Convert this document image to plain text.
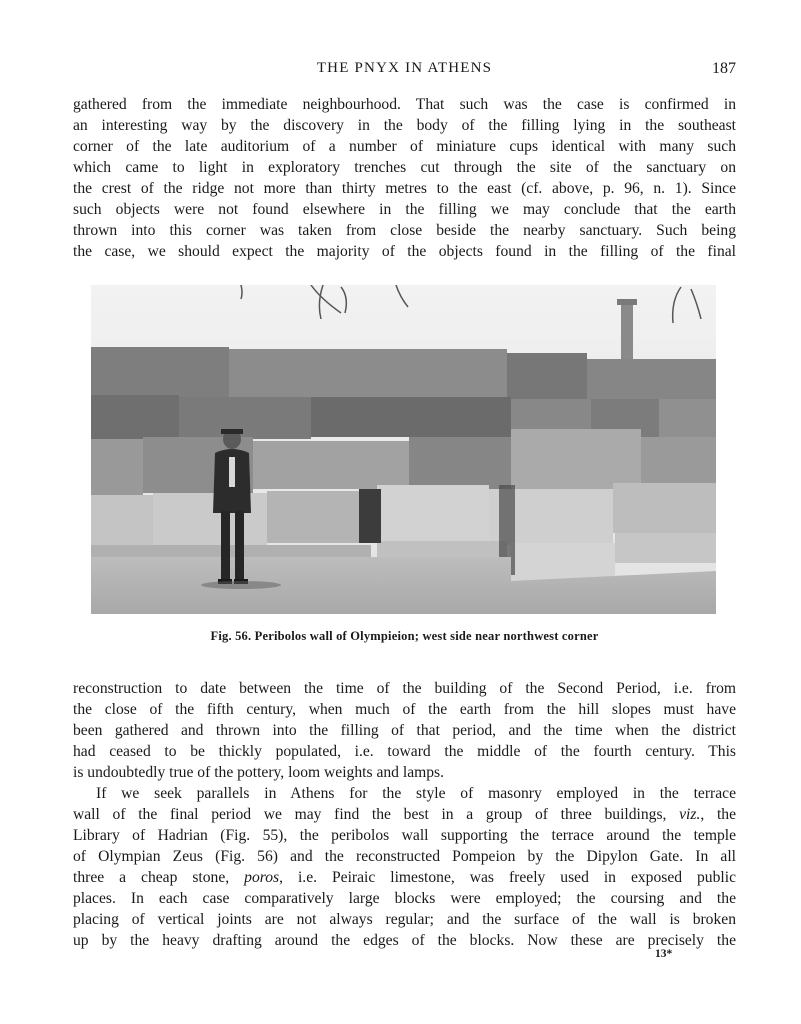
THE PNYX IN ATHENS	187
gathered from the immediate neighbourhood. That such was the case is confirmed in
an interesting way by the discovery in the body of the filling lying in the southeast
corner of the late auditorium of a number of miniature cups identical with many such
which came to light in exploratory trenches cut through the site of the sanctuary on
the crest of the ridge not more than thirty metres to the east (cf. above, p. 96, n. 1). Since
such objects were not found elsewhere in the filling we may conclude that the earth
thrown into this corner was taken from close beside the nearby sanctuary. Such being
the case, we should expect the majority of the objects found in the filling of the final
Fig. 56. Peribolos wall of Olympieion; west side near northwest corner
reconstruction to date between the time of the building of the Second Period, i.e. from
the close of the fifth century, when much of the earth from the hill slopes must have
been gathered and thrown into the filling of that period, and the time when the district
had ceased to be thickly populated, i.e. toward the middle of the fourth century. This
is undoubtedly true of the pottery, loom weights and lamps.
If we seek parallels in Athens for the style of masonry employed in the terrace
wall of the final period we may find the best in a group of three buildings, viz., the
Library of Hadrian (Fig. 55), the peribolos wall supporting the terrace around the temple
of Olympian Zeus (Fig. 56) and the reconstructed Pompeion by the Dipylon Gate. In all
three a cheap stone, poros, i.e. Peiraic limestone, was freely used in exposed public
places. In each case comparatively large blocks were employed; the coursing and the
placing of vertical joints are not always regular; and the surface of the wall is broken
up by the heavy drafting around the edges of the blocks. Now these are precisely the
13*
